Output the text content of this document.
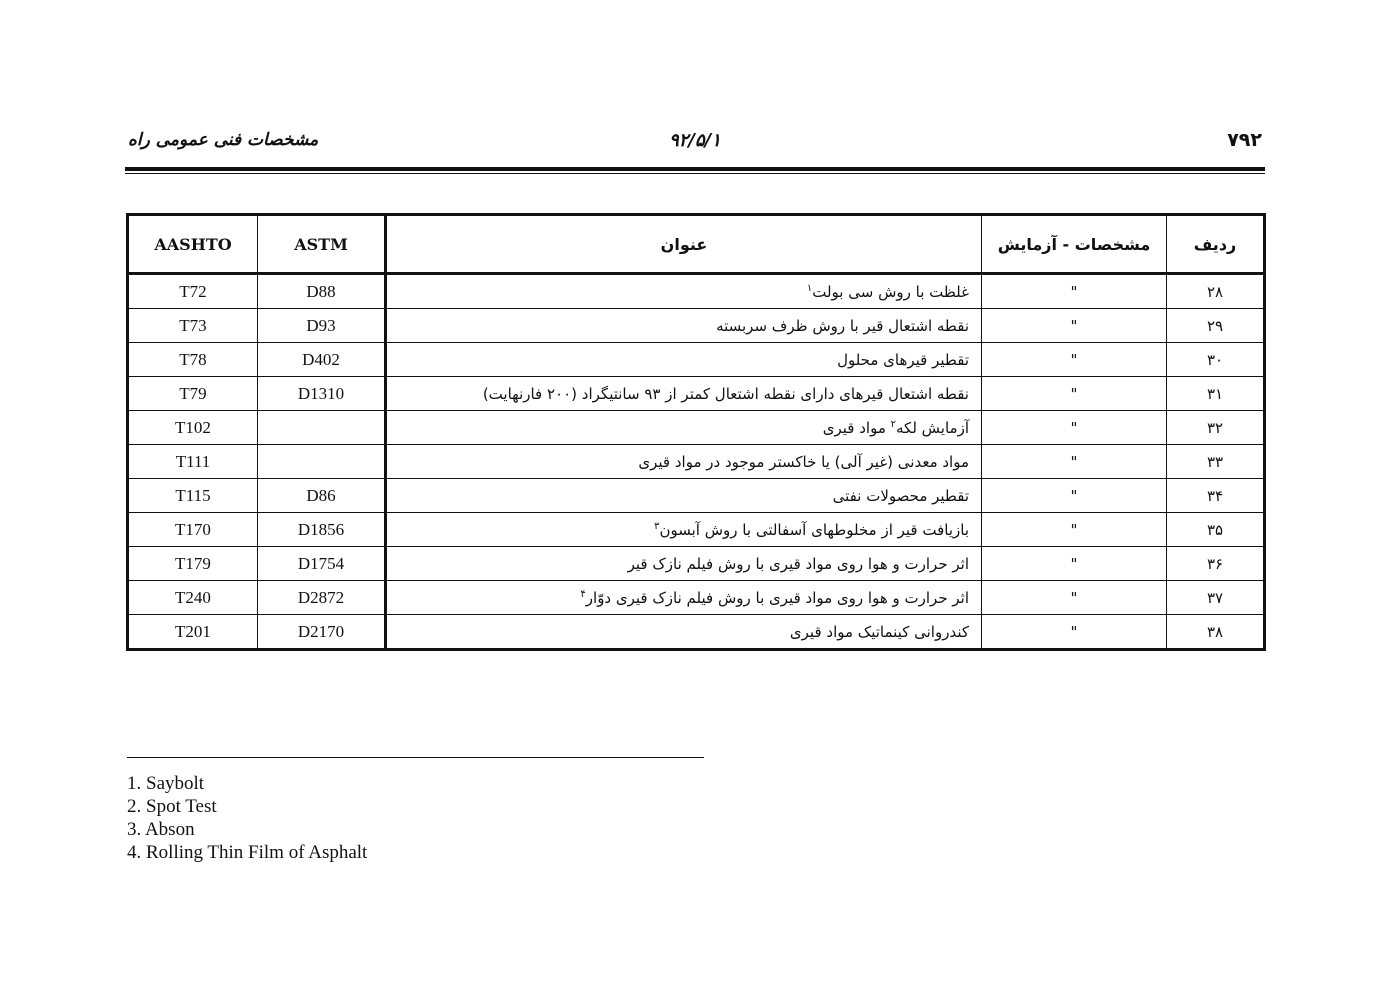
مشخصات فنی عمومی راه	۹۲/۵/۱	۷۹۲
ردیف	مشخصات - آزمایش	عنوان	ASTM	AASHTO
۲۸	"	غلظت با روش سی بولت$^۱$	D88	T72
۲۹	"	نقطه اشتعال قیر با روش ظرف سربسته	D93	T73
۳۰	"	تقطیر قیرهای محلول	D402	T78
۳۱	"	نقطه اشتعال قیرهای دارای نقطه اشتعال کمتر از ۹۳ سانتیگراد (۲۰۰ فارنهایت)	D1310	T79
۳۲	"	آزمایش لکه$^۲$ مواد قیری		T102
۳۳	"	مواد معدنی (غیر آلی) یا خاکستر موجود در مواد قیری		T111
۳۴	"	تقطیر محصولات نفتی	D86	T115
۳۵	"	بازیافت قیر از مخلوطهای آسفالتی با روش آبسون$^۳$	D1856	T170
۳۶	"	اثر حرارت و هوا روی مواد قیری با روش فیلم نازک قیر	D1754	T179
۳۷	"	اثر حرارت و هوا روی مواد قیری با روش فیلم نازک قیری دوّار$^۴$	D2872	T240
۳۸	"	کندروانی کینماتیک مواد قیری	D2170	T201
1. Saybolt
2. Spot Test
3. Abson
4. Rolling Thin Film of Asphalt
